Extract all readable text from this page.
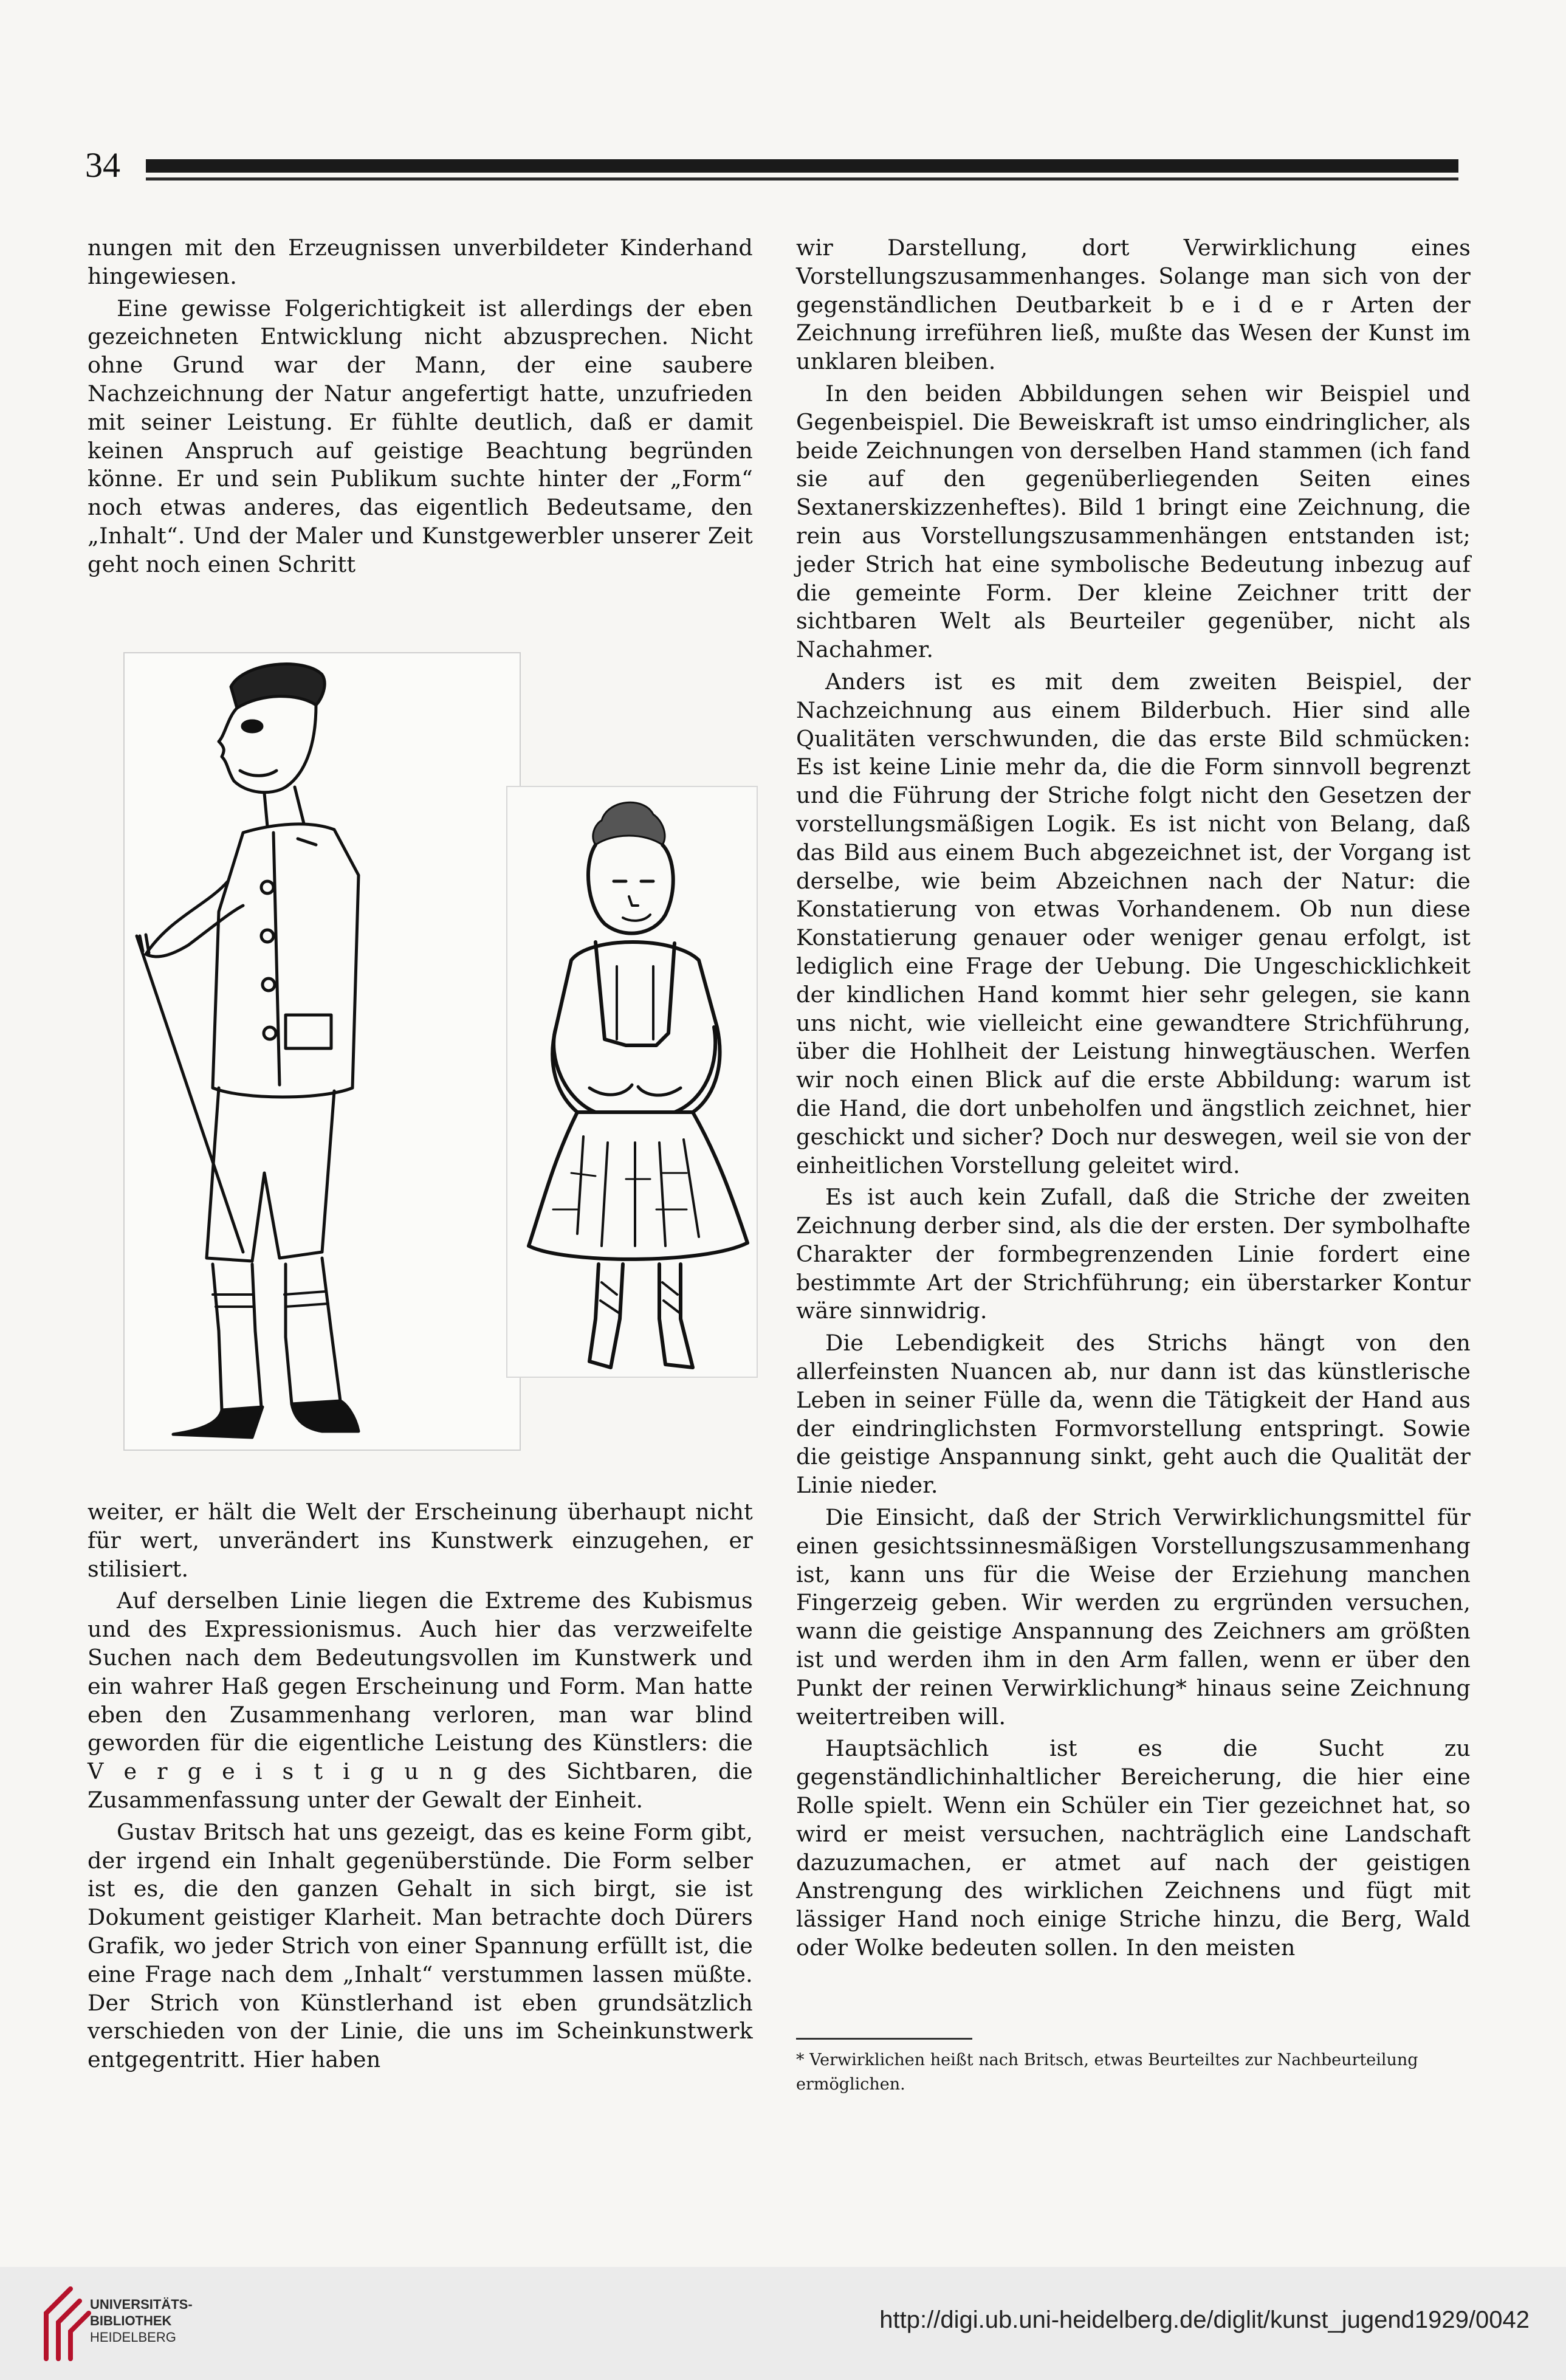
34

nungen mit den Erzeugnissen unverbildeter Kinderhand hingewiesen.

Eine gewisse Folgerichtigkeit ist allerdings der eben gezeichneten Entwicklung nicht abzusprechen. Nicht ohne Grund war der Mann, der eine saubere Nachzeichnung der Natur angefertigt hatte, unzufrieden mit seiner Leistung. Er fühlte deutlich, daß er damit keinen Anspruch auf geistige Beachtung begründen könne. Er und sein Publikum suchte hinter der „Form“ noch etwas anderes, das eigentlich Bedeutsame, den „Inhalt“. Und der Maler und Kunstgewerbler unserer Zeit geht noch einen Schritt

weiter, er hält die Welt der Erscheinung überhaupt nicht für wert, unverändert ins Kunstwerk einzugehen, er stilisiert.

Auf derselben Linie liegen die Extreme des Kubismus und des Expressionismus. Auch hier das verzweifelte Suchen nach dem Bedeutungsvollen im Kunstwerk und ein wahrer Haß gegen Erscheinung und Form. Man hatte eben den Zusammenhang verloren, man war blind geworden für die eigentliche Leistung des Künstlers: die V e r g e i s t i g u n g des Sichtbaren, die Zusammenfassung unter der Gewalt der Einheit.

Gustav Britsch hat uns gezeigt, das es keine Form gibt, der irgend ein Inhalt gegenüberstünde. Die Form selber ist es, die den ganzen Gehalt in sich birgt, sie ist Dokument geistiger Klarheit. Man betrachte doch Dürers Grafik, wo jeder Strich von einer Spannung erfüllt ist, die eine Frage nach dem „Inhalt“ verstummen lassen müßte. Der Strich von Künstlerhand ist eben grundsätzlich verschieden von der Linie, die uns im Scheinkunstwerk entgegentritt. Hier haben

wir Darstellung, dort Verwirklichung eines Vorstellungszusammenhanges. Solange man sich von der gegenständlichen Deutbarkeit b e i d e r Arten der Zeichnung irreführen ließ, mußte das Wesen der Kunst im unklaren bleiben.

In den beiden Abbildungen sehen wir Beispiel und Gegenbeispiel. Die Beweiskraft ist umso eindringlicher, als beide Zeichnungen von derselben Hand stammen (ich fand sie auf den gegenüberliegenden Seiten eines Sextanerskizzenheftes). Bild 1 bringt eine Zeichnung, die rein aus Vorstellungszusammenhängen entstanden ist; jeder Strich hat eine symbolische Bedeutung inbezug auf die gemeinte Form. Der kleine Zeichner tritt der sichtbaren Welt als Beurteiler gegenüber, nicht als Nachahmer.

Anders ist es mit dem zweiten Beispiel, der Nachzeichnung aus einem Bilderbuch. Hier sind alle Qualitäten verschwunden, die das erste Bild schmücken: Es ist keine Linie mehr da, die die Form sinnvoll begrenzt und die Führung der Striche folgt nicht den Gesetzen der vorstellungsmäßigen Logik. Es ist nicht von Belang, daß das Bild aus einem Buch abgezeichnet ist, der Vorgang ist derselbe, wie beim Abzeichnen nach der Natur: die Konstatierung von etwas Vorhandenem. Ob nun diese Konstatierung genauer oder weniger genau erfolgt, ist lediglich eine Frage der Uebung. Die Ungeschicklichkeit der kindlichen Hand kommt hier sehr gelegen, sie kann uns nicht, wie vielleicht eine gewandtere Strichführung, über die Hohlheit der Leistung hinwegtäuschen. Werfen wir noch einen Blick auf die erste Abbildung: warum ist die Hand, die dort unbeholfen und ängstlich zeichnet, hier geschickt und sicher? Doch nur deswegen, weil sie von der einheitlichen Vorstellung geleitet wird.

Es ist auch kein Zufall, daß die Striche der zweiten Zeichnung derber sind, als die der ersten. Der symbolhafte Charakter der formbegrenzenden Linie fordert eine bestimmte Art der Strichführung; ein überstarker Kontur wäre sinnwidrig.

Die Lebendigkeit des Strichs hängt von den allerfeinsten Nuancen ab, nur dann ist das künstlerische Leben in seiner Fülle da, wenn die Tätigkeit der Hand aus der eindringlichsten Formvorstellung entspringt. Sowie die geistige Anspannung sinkt, geht auch die Qualität der Linie nieder.

Die Einsicht, daß der Strich Verwirklichungsmittel für einen gesichtssinnesmäßigen Vorstellungszusammenhang ist, kann uns für die Weise der Erziehung manchen Fingerzeig geben. Wir werden zu ergründen versuchen, wann die geistige Anspannung des Zeichners am größten ist und werden ihm in den Arm fallen, wenn er über den Punkt der reinen Verwirklichung* hinaus seine Zeichnung weitertreiben will.

Hauptsächlich ist es die Sucht zu gegenständlichinhaltlicher Bereicherung, die hier eine Rolle spielt. Wenn ein Schüler ein Tier gezeichnet hat, so wird er meist versuchen, nachträglich eine Landschaft dazuzumachen, er atmet auf nach der geistigen Anstrengung des wirklichen Zeichnens und fügt mit lässiger Hand noch einige Striche hinzu, die Berg, Wald oder Wolke bedeuten sollen. In den meisten

* Verwirklichen heißt nach Britsch, etwas Beurteiltes zur Nachbeurteilung ermöglichen.
UNIVERSITÄTS-
BIBLIOTHEK
HEIDELBERG
http://digi.ub.uni-heidelberg.de/diglit/kunst_jugend1929/0042
